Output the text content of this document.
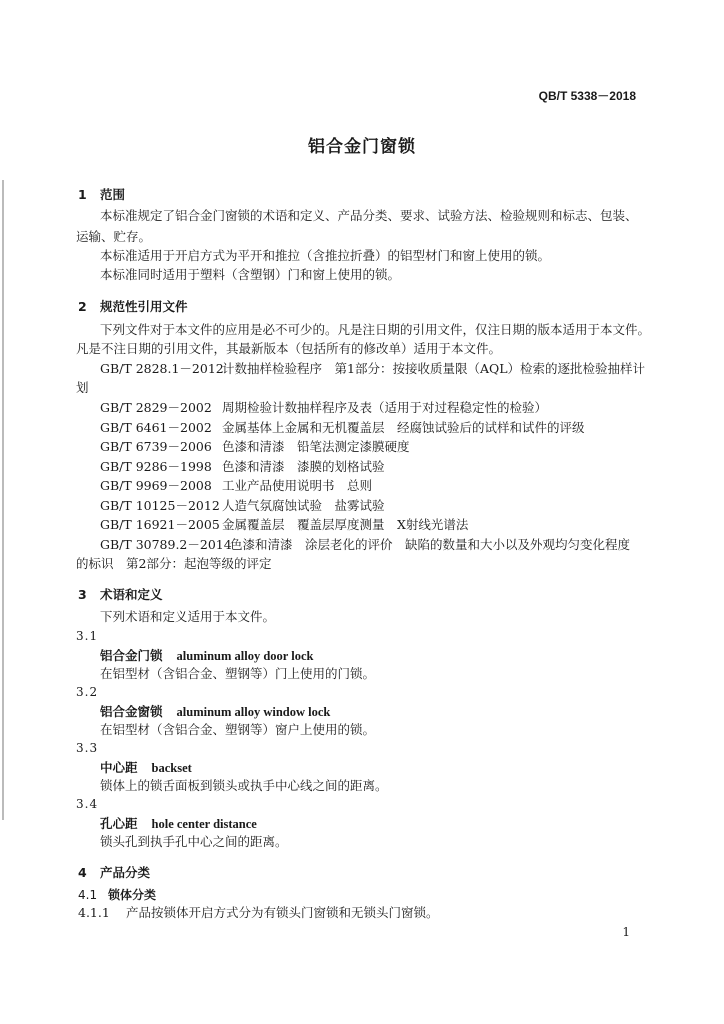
QB/T 5338－2018
铝合金门窗锁
1 范围
本标准规定了铝合金门窗锁的术语和定义、产品分类、要求、试验方法、检验规则和标志、包装、
运输、贮存。
本标准适用于开启方式为平开和推拉（含推拉折叠）的铝型材门和窗上使用的锁。
本标准同时适用于塑料（含塑钢）门和窗上使用的锁。
2 规范性引用文件
下列文件对于本文件的应用是必不可少的。凡是注日期的引用文件，仅注日期的版本适用于本文件。
凡是不注日期的引用文件，其最新版本（包括所有的修改单）适用于本文件。
GB/T 2828.1－2012计数抽样检验程序　第1部分：按接收质量限（AQL）检索的逐批检验抽样计
划
GB/T 2829－2002 周期检验计数抽样程序及表（适用于对过程稳定性的检验）
GB/T 6461－2002 金属基体上金属和无机覆盖层　经腐蚀试验后的试样和试件的评级
GB/T 6739－2006 色漆和清漆　铅笔法测定漆膜硬度
GB/T 9286－1998 色漆和清漆　漆膜的划格试验
GB/T 9969－2008 工业产品使用说明书　总则
GB/T 10125－2012 人造气氛腐蚀试验　盐雾试验
GB/T 16921－2005 金属覆盖层　覆盖层厚度测量　X射线光谱法
GB/T 30789.2－2014色漆和清漆　涂层老化的评价　缺陷的数量和大小以及外观均匀变化程度
的标识　第2部分：起泡等级的评定
3 术语和定义
下列术语和定义适用于本文件。
3.1
铝合金门锁 aluminum alloy door lock
在铝型材（含铝合金、塑钢等）门上使用的门锁。
3.2
铝合金窗锁 aluminum alloy window lock
在铝型材（含铝合金、塑钢等）窗户上使用的锁。
3.3
中心距 backset
锁体上的锁舌面板到锁头或执手中心线之间的距离。
3.4
孔心距 hole center distance
锁头孔到执手孔中心之间的距离。
4 产品分类
4.1 锁体分类
4.1.1 产品按锁体开启方式分为有锁头门窗锁和无锁头门窗锁。
1
